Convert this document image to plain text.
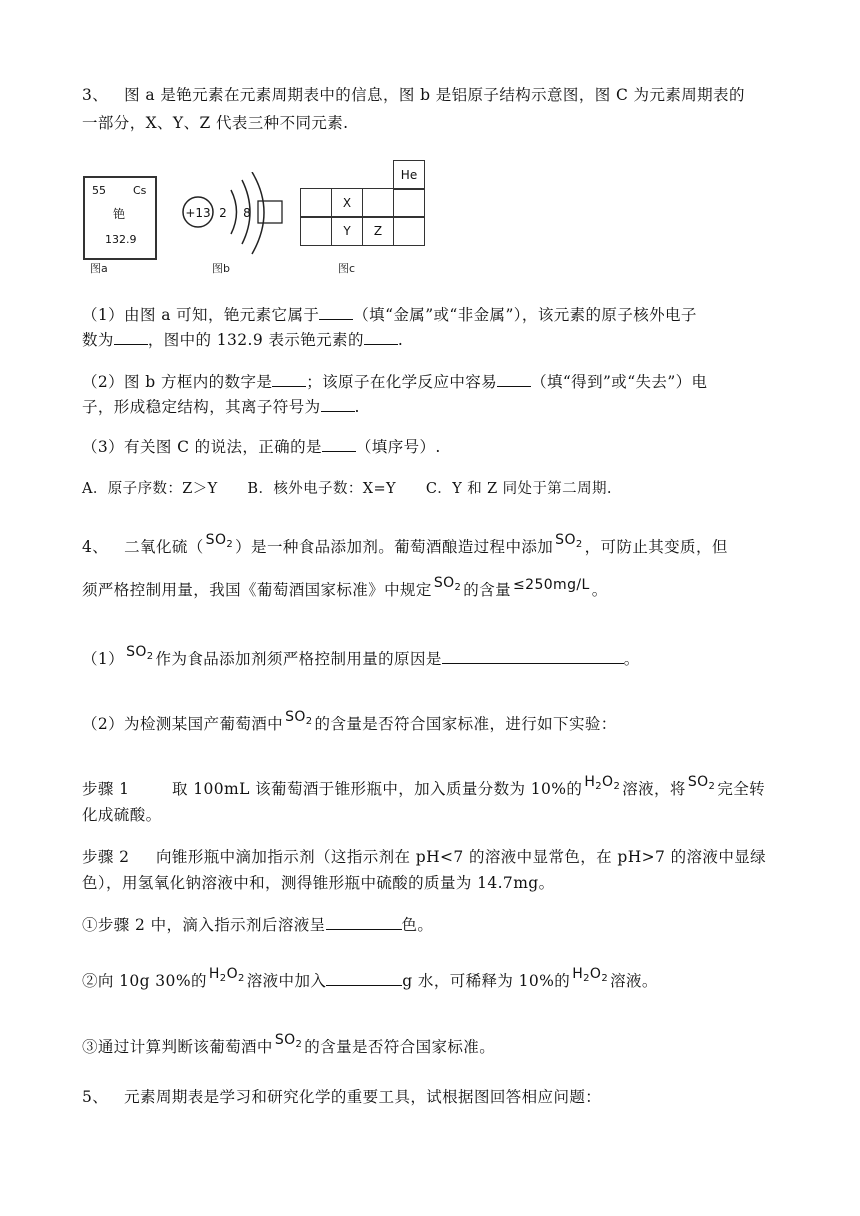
3、 图 a 是铯元素在元素周期表中的信息，图 b 是铝原子结构示意图，图 C 为元素周期表的
一部分，X、Y、Z 代表三种不同元素.
55 Cs
铯
132.9
图a
+13 2 8
图b
He
X
Y	Z
图c
（1）由图 a 可知，铯元素它属于 （填“金属”或“非金属”），该元素的原子核外电子
数为 ，图中的 132.9 表示铯元素的 .
（2）图 b 方框内的数字是 ；该原子在化学反应中容易 （填“得到”或“失去”）电
子，形成稳定结构，其离子符号为 .
（3）有关图 C 的说法，正确的是 （填序号）.
A．原子序数：Z＞Y　　B．核外电子数：X=Y　　C．Y 和 Z 同处于第二周期.
4、 二氧化硫（ $SO_2$ ）是一种食品添加剂。葡萄酒酿造过程中添加 $SO_2$ ，可防止其变质，但
须严格控制用量，我国《葡萄酒国家标准》中规定 $SO_2$ 的含量 ≤250mg/L 。
（1） $SO_2$ 作为食品添加剂须严格控制用量的原因是	。
（2）为检测某国产葡萄酒中 $SO_2$ 的含量是否符合国家标准，进行如下实验：
步骤 1	取 100mL 该葡萄酒于锥形瓶中，加入质量分数为 10%的 $H_2O_2$ 溶液，将 $SO_2$ 完全转
化成硫酸。
步骤 2 向锥形瓶中滴加指示剂（这指示剂在 pH<7 的溶液中显常色，在 pH>7 的溶液中显绿
色），用氢氧化钠溶液中和，测得锥形瓶中硫酸的质量为 14.7mg。
①步骤 2 中，滴入指示剂后溶液呈	色。
②向 10g 30%的 $H_2O_2$ 溶液中加入	g 水，可稀释为 10%的 $H_2O_2$ 溶液。
③通过计算判断该葡萄酒中 $SO_2$ 的含量是否符合国家标准。
5、 元素周期表是学习和研究化学的重要工具，试根据图回答相应问题：
